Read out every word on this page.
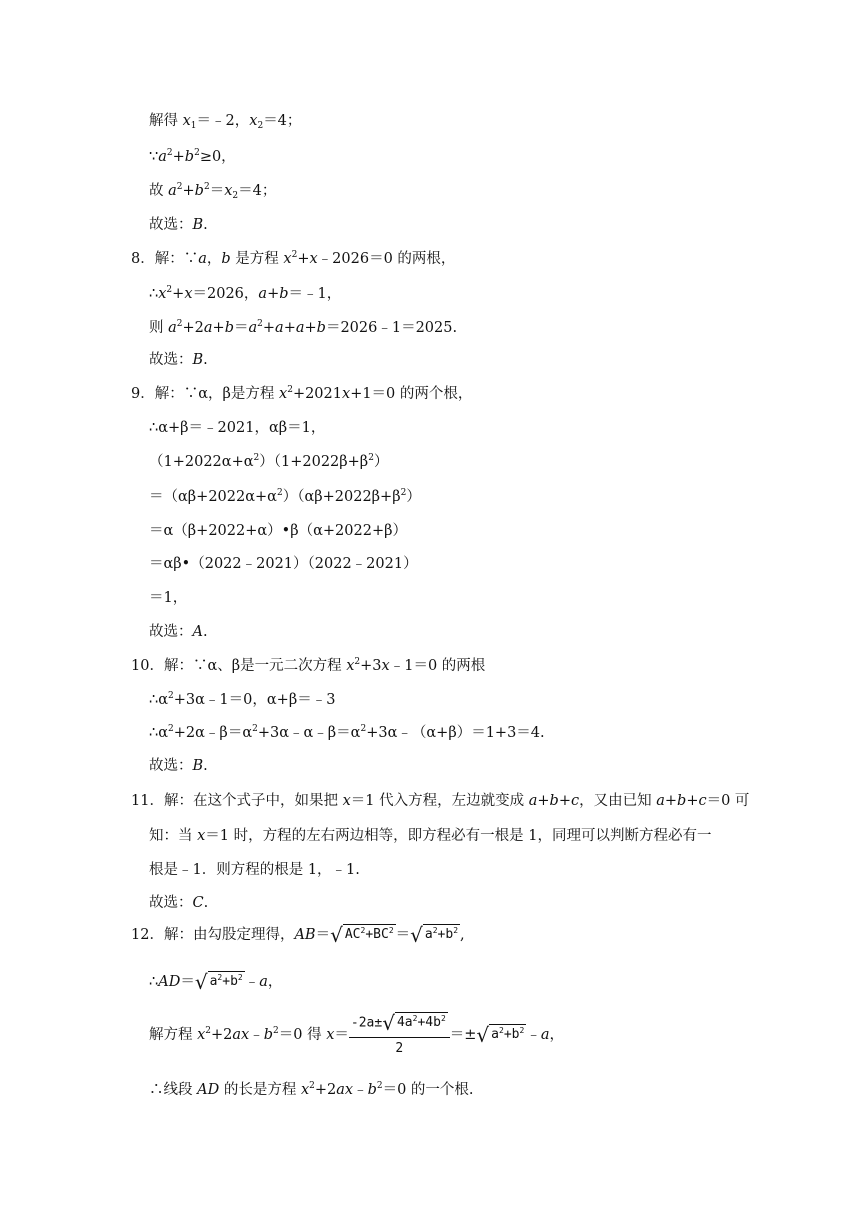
解得 $x_1=﹣2$，$x_2=4$；
$\because a^2+b^2\ge 0$，
故 $a^2+b^2=x_2=4$；
故选：B.
8．解：∵a，b 是方程 $x^2+x﹣2026=0$ 的两根，
$\therefore x^2+x=2026$，a+b＝﹣1，
则 $a^2+2a+b=a^2+a+a+b=2026﹣1=2025$.
故选：B.
9．解：∵α，β是方程 $x^2+2021x+1=0$ 的两个根，
∴α+β＝﹣2021，αβ＝1，
$(1+2022\alpha+\alpha^2)(1+2022\beta+\beta^2)$
$=(\alpha\beta+2022\alpha+\alpha^2)(\alpha\beta+2022\beta+\beta^2)$
＝α（β+2022+α）•β（α+2022+β）
＝αβ•（2022﹣2021）（2022﹣2021）
＝1，
故选：A.
10．解：∵α、β是一元二次方程 $x^2+3x﹣1=0$ 的两根
$\therefore\alpha^2+3\alpha﹣1=0$，α+β＝﹣3
$\therefore\alpha^2+2\alpha﹣\beta=\alpha^2+3\alpha﹣\alpha﹣\beta=\alpha^2+3\alpha﹣(\alpha+\beta)=1+3=4$.
故选：B.
11．解：在这个式子中，如果把 x＝1 代入方程，左边就变成 a+b+c，又由已知 a+b+c＝0 可
知：当 x＝1 时，方程的左右两边相等，即方程必有一根是 1，同理可以判断方程必有一
根是﹣1．则方程的根是 1，﹣1.
故选：C.
12．解：由勾股定理得，AB＝ √ $AC^2+BC^2$ ＝ √ $a^2+b^2$ ,
∴AD＝ √ $a^2+b^2$ ﹣a，
解方程 $x^2+2ax﹣b^2=0$ 得 $x= \frac{-2a\pm √ 4a^2+4b^2}{2}$ ＝± √ $a^2+b^2$ ﹣a，
∴线段 AD 的长是方程 $x^2+2ax﹣b^2=0$ 的一个根.
